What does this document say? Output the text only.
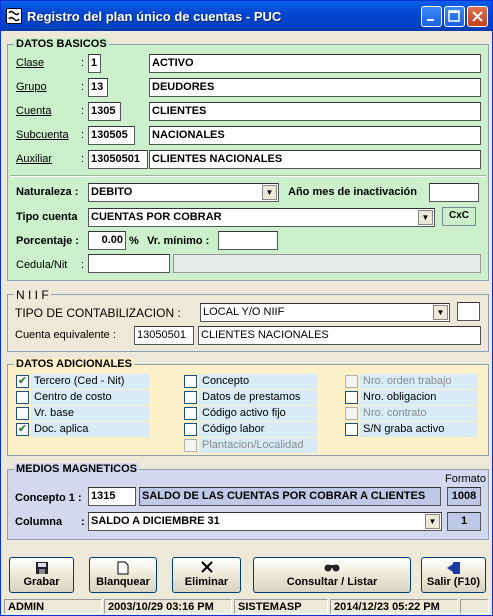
Registro del plan único de cuentas - PUC
DATOS BASICOS
Clase	: 1	ACTIVO
Grupo	: 13	DEUDORES
Cuenta	: 1305	CLIENTES
Subcuenta : 130505	NACIONALES
Auxiliar	: 13050501	CLIENTES NACIONALES
Naturaleza : DEBITO	▼	Año mes de inactivación
Tipo cuenta CUENTAS POR COBRAR	▼	CxC
Porcentaje :	0.00 % Vr. mínimo :
Cedula/Nit :
N I I F
TIPO DE CONTABILIZACION : LOCAL Y/O NIIF	▼
Cuenta equivalente : 13050501	CLIENTES NACIONALES
DATOS ADICIONALES
✔ Tercero (Ced - Nit)
Centro de costo
Vr. base
✔ Doc. aplica
Concepto
Datos de prestamos
Código activo fijo
Código labor
Plantacion/Localidad
Nro. orden trabajo
Nro. obligacion
Nro. contrato
S/N graba activo
MEDIOS MAGNETICOS
Formato
Concepto 1 : 1315	SALDO DE LAS CUENTAS POR COBRAR A CLIENTES	1008
Columna : SALDO A DICIEMBRE 31	▼	1
Grabar	Blanquear	Eliminar	Consultar / Listar	Salir (F10)
ADMIN	2003/10/29 03:16 PM	SISTEMASP	2014/12/23 05:22 PM
